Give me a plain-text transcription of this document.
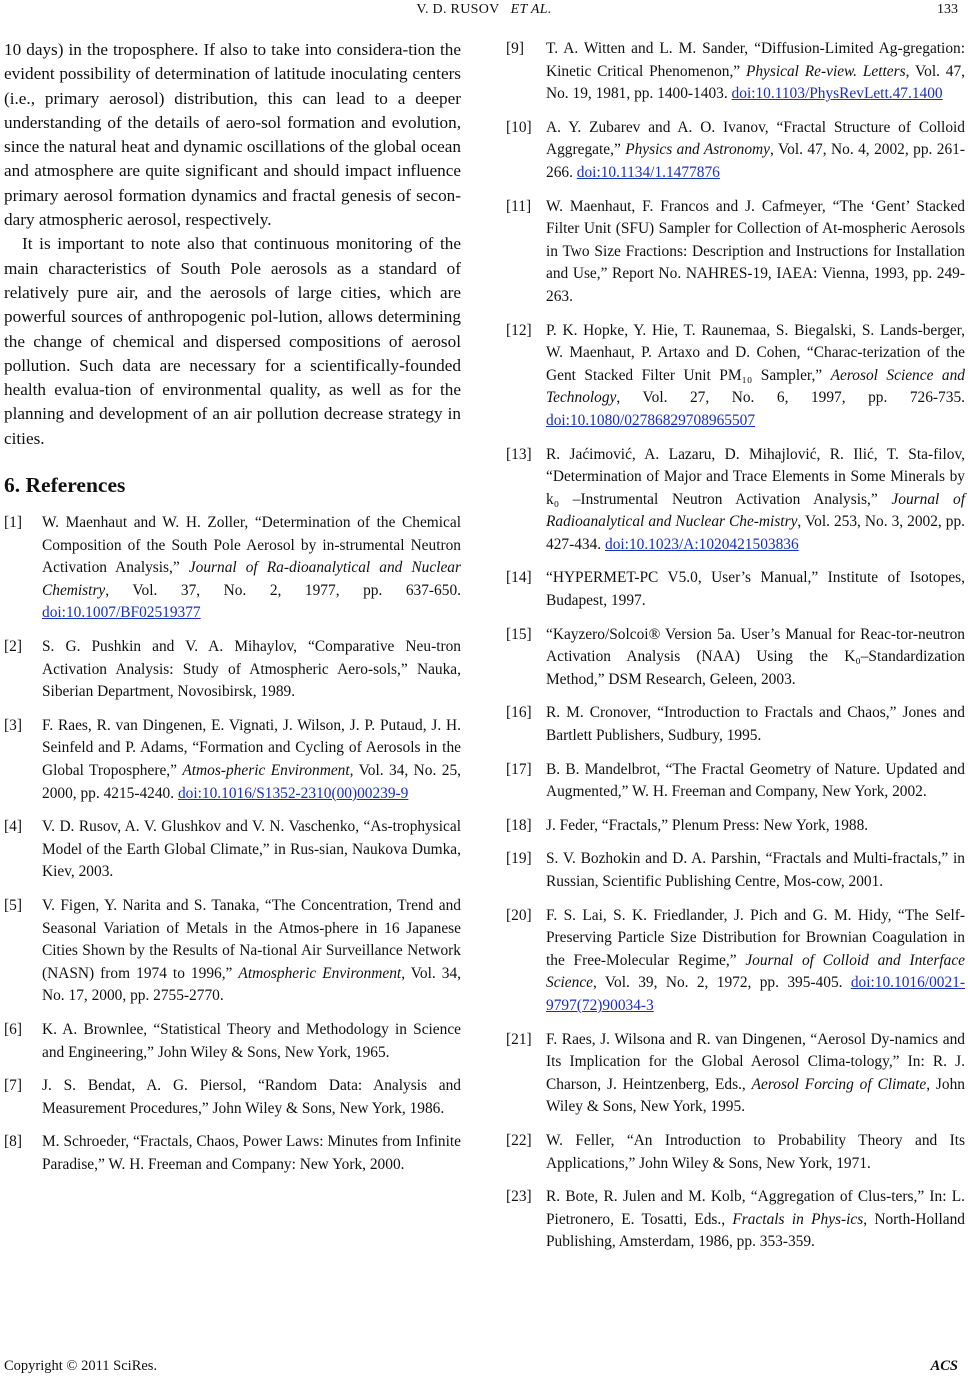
V. D. RUSOV ET AL.	133

10 days) in the troposphere. If also to take into considera-tion the evident possibility of determination of latitude inoculating centers (i.e., primary aerosol) distribution, this can lead to a deeper understanding of the details of aero-sol formation and evolution, since the natural heat and dynamic oscillations of the global ocean and atmosphere are quite significant and should impact influence primary aerosol formation dynamics and fractal genesis of secon-dary atmospheric aerosol, respectively.

It is important to note also that continuous monitoring of the main characteristics of South Pole aerosols as a standard of relatively pure air, and the aerosols of large cities, which are powerful sources of anthropogenic pol-lution, allows determining the change of chemical and dispersed compositions of aerosol pollution. Such data are necessary for a scientifically-founded health evalua-tion of environmental quality, as well as for the planning and development of an air pollution decrease strategy in cities.

6. References
[1] W. Maenhaut and W. H. Zoller, “Determination of the Chemical Composition of the South Pole Aerosol by in-strumental Neutron Activation Analysis,” Journal of Ra-dioanalytical and Nuclear Chemistry, Vol. 37, No. 2, 1977, pp. 637-650. doi:10.1007/BF02519377
[2] S. G. Pushkin and V. A. Mihaylov, “Comparative Neu-tron Activation Analysis: Study of Atmospheric Aero-sols,” Nauka, Siberian Department, Novosibirsk, 1989.
[3] F. Raes, R. van Dingenen, E. Vignati, J. Wilson, J. P. Putaud, J. H. Seinfeld and P. Adams, “Formation and Cycling of Aerosols in the Global Troposphere,” Atmos-pheric Environment, Vol. 34, No. 25, 2000, pp. 4215-4240. doi:10.1016/S1352-2310(00)00239-9
[4] V. D. Rusov, A. V. Glushkov and V. N. Vaschenko, “As-trophysical Model of the Earth Global Climate,” in Rus-sian, Naukova Dumka, Kiev, 2003.
[5] V. Figen, Y. Narita and S. Tanaka, “The Concentration, Trend and Seasonal Variation of Metals in the Atmos-phere in 16 Japanese Cities Shown by the Results of Na-tional Air Surveillance Network (NASN) from 1974 to 1996,” Atmospheric Environment, Vol. 34, No. 17, 2000, pp. 2755-2770.
[6] K. A. Brownlee, “Statistical Theory and Methodology in Science and Engineering,” John Wiley & Sons, New York, 1965.
[7] J. S. Bendat, A. G. Piersol, “Random Data: Analysis and Measurement Procedures,” John Wiley & Sons, New York, 1986.
[8] M. Schroeder, “Fractals, Chaos, Power Laws: Minutes from Infinite Paradise,” W. H. Freeman and Company: New York, 2000.
[9] T. A. Witten and L. M. Sander, “Diffusion-Limited Ag-gregation: Kinetic Critical Phenomenon,” Physical Re-view. Letters, Vol. 47, No. 19, 1981, pp. 1400-1403. doi:10.1103/PhysRevLett.47.1400
[10] A. Y. Zubarev and A. O. Ivanov, “Fractal Structure of Colloid Aggregate,” Physics and Astronomy, Vol. 47, No. 4, 2002, pp. 261-266. doi:10.1134/1.1477876
[11] W. Maenhaut, F. Francos and J. Cafmeyer, “The ‘Gent’ Stacked Filter Unit (SFU) Sampler for Collection of At-mospheric Aerosols in Two Size Fractions: Description and Instructions for Installation and Use,” Report No. NAHRES-19, IAEA: Vienna, 1993, pp. 249-263.
[12] P. K. Hopke, Y. Hie, T. Raunemaa, S. Biegalski, S. Lands-berger, W. Maenhaut, P. Artaxo and D. Cohen, “Charac-terization of the Gent Stacked Filter Unit PM₁₀ Sampler,” Aerosol Science and Technology, Vol. 27, No. 6, 1997, pp. 726-735. doi:10.1080/02786829708965507
[13] R. Jaćimović, A. Lazaru, D. Mihajlović, R. Ilić, T. Sta-filov, “Determination of Major and Trace Elements in Some Minerals by k₀ –Instrumental Neutron Activation Analysis,” Journal of Radioanalytical and Nuclear Che-mistry, Vol. 253, No. 3, 2002, pp. 427-434. doi:10.1023/A:1020421503836
[14] “HYPERMET-PC V5.0, User’s Manual,” Institute of Isotopes, Budapest, 1997.
[15] “Kayzero/Solcoi® Version 5a. User’s Manual for Reac-tor-neutron Activation Analysis (NAA) Using the K₀–Standardization Method,” DSM Research, Geleen, 2003.
[16] R. M. Cronover, “Introduction to Fractals and Chaos,” Jones and Bartlett Publishers, Sudbury, 1995.
[17] B. B. Mandelbrot, “The Fractal Geometry of Nature. Updated and Augmented,” W. H. Freeman and Company, New York, 2002.
[18] J. Feder, “Fractals,” Plenum Press: New York, 1988.
[19] S. V. Bozhokin and D. A. Parshin, “Fractals and Multi-fractals,” in Russian, Scientific Publishing Centre, Mos-cow, 2001.
[20] F. S. Lai, S. K. Friedlander, J. Pich and G. M. Hidy, “The Self-Preserving Particle Size Distribution for Brownian Coagulation in the Free-Molecular Regime,” Journal of Colloid and Interface Science, Vol. 39, No. 2, 1972, pp. 395-405. doi:10.1016/0021-9797(72)90034-3
[21] F. Raes, J. Wilsona and R. van Dingenen, “Aerosol Dy-namics and Its Implication for the Global Aerosol Clima-tology,” In: R. J. Charson, J. Heintzenberg, Eds., Aerosol Forcing of Climate, John Wiley & Sons, New York, 1995.
[22] W. Feller, “An Introduction to Probability Theory and Its Applications,” John Wiley & Sons, New York, 1971.
[23] R. Bote, R. Julen and M. Kolb, “Aggregation of Clus-ters,” In: L. Pietronero, E. Tosatti, Eds., Fractals in Phys-ics, North-Holland Publishing, Amsterdam, 1986, pp. 353-359.
Copyright © 2011 SciRes.	ACS
